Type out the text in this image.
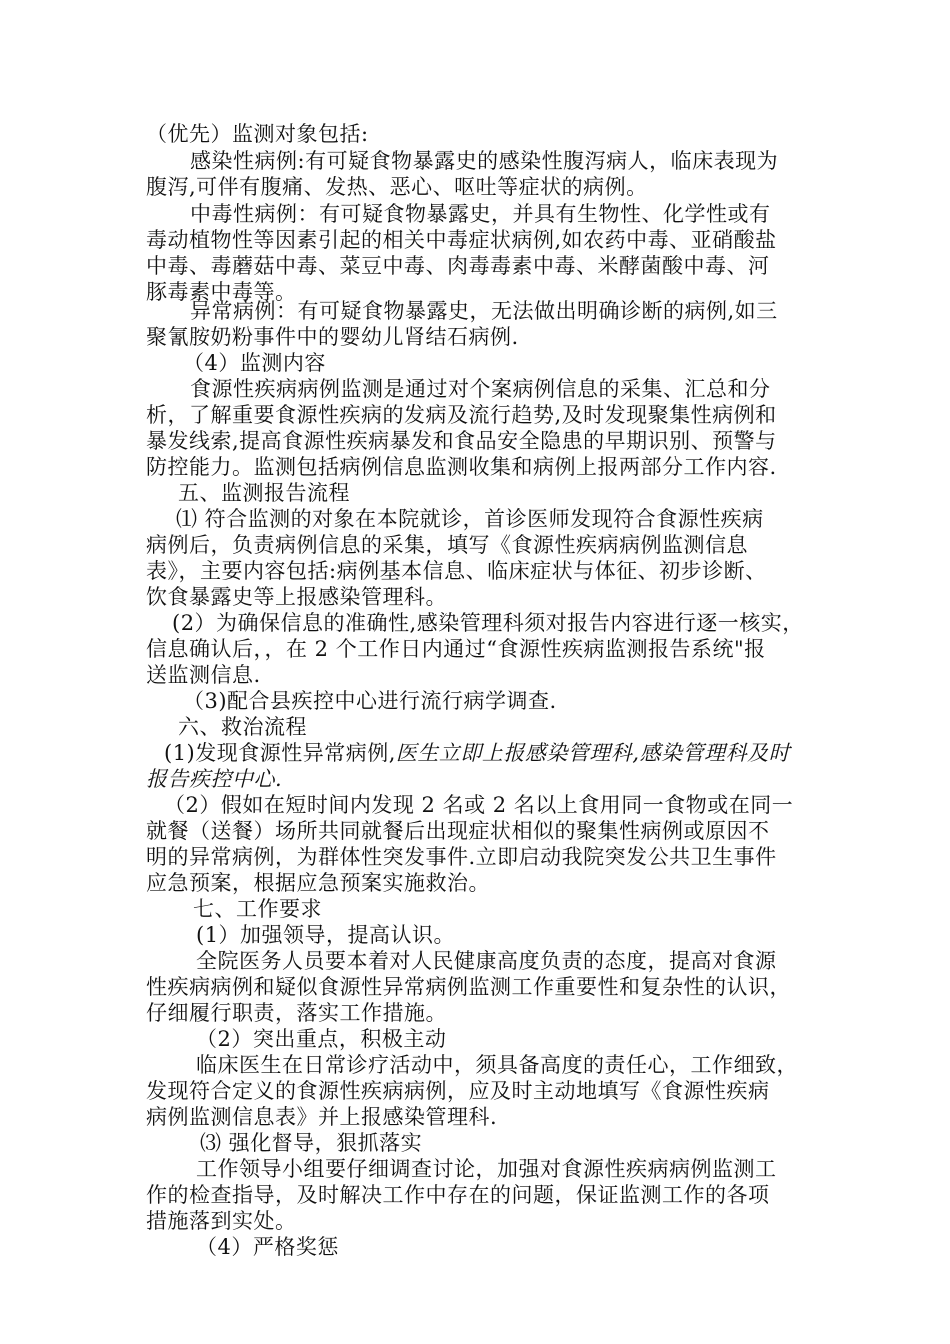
（优先）监测对象包括:
感染性病例:有可疑食物暴露史的感染性腹泻病人，临床表现为
腹泻,可伴有腹痛、发热、恶心、呕吐等症状的病例。
中毒性病例：有可疑食物暴露史，并具有生物性、化学性或有
毒动植物性等因素引起的相关中毒症状病例,如农药中毒、亚硝酸盐
中毒、毒蘑菇中毒、菜豆中毒、肉毒毒素中毒、米酵菌酸中毒、河
豚毒素中毒等。
异常病例：有可疑食物暴露史，无法做出明确诊断的病例,如三
聚氰胺奶粉事件中的婴幼儿肾结石病例.
（4）监测内容
食源性疾病病例监测是通过对个案病例信息的采集、汇总和分
析，了解重要食源性疾病的发病及流行趋势,及时发现聚集性病例和
暴发线索,提高食源性疾病暴发和食品安全隐患的早期识别、预警与
防控能力。监测包括病例信息监测收集和病例上报两部分工作内容.
五、监测报告流程
⑴ 符合监测的对象在本院就诊，首诊医师发现符合食源性疾病
病例后，负责病例信息的采集，填写《食源性疾病病例监测信息
表》，主要内容包括:病例基本信息、临床症状与体征、初步诊断、
饮食暴露史等上报感染管理科。
(2）为确保信息的准确性,感染管理科须对报告内容进行逐一核实，
信息确认后，，在 2 个工作日内通过“食源性疾病监测报告系统"报
送监测信息.
（3)配合县疾控中心进行流行病学调查.
六、救治流程
(1)发现食源性异常病例,医生立即上报感染管理科,感染管理科及时
报告疾控中心.
（2）假如在短时间内发现 2 名或 2 名以上食用同一食物或在同一
就餐（送餐）场所共同就餐后出现症状相似的聚集性病例或原因不
明的异常病例，为群体性突发事件.立即启动我院突发公共卫生事件
应急预案，根据应急预案实施救治。
七、工作要求
(1）加强领导，提高认识。
全院医务人员要本着对人民健康高度负责的态度，提高对食源
性疾病病例和疑似食源性异常病例监测工作重要性和复杂性的认识，
仔细履行职责，落实工作措施。
（2）突出重点，积极主动
临床医生在日常诊疗活动中，须具备高度的责任心，工作细致，
发现符合定义的食源性疾病病例，应及时主动地填写《食源性疾病
病例监测信息表》并上报感染管理科.
⑶ 强化督导，狠抓落实
工作领导小组要仔细调查讨论，加强对食源性疾病病例监测工
作的检查指导，及时解决工作中存在的问题，保证监测工作的各项
措施落到实处。
（4）严格奖惩
